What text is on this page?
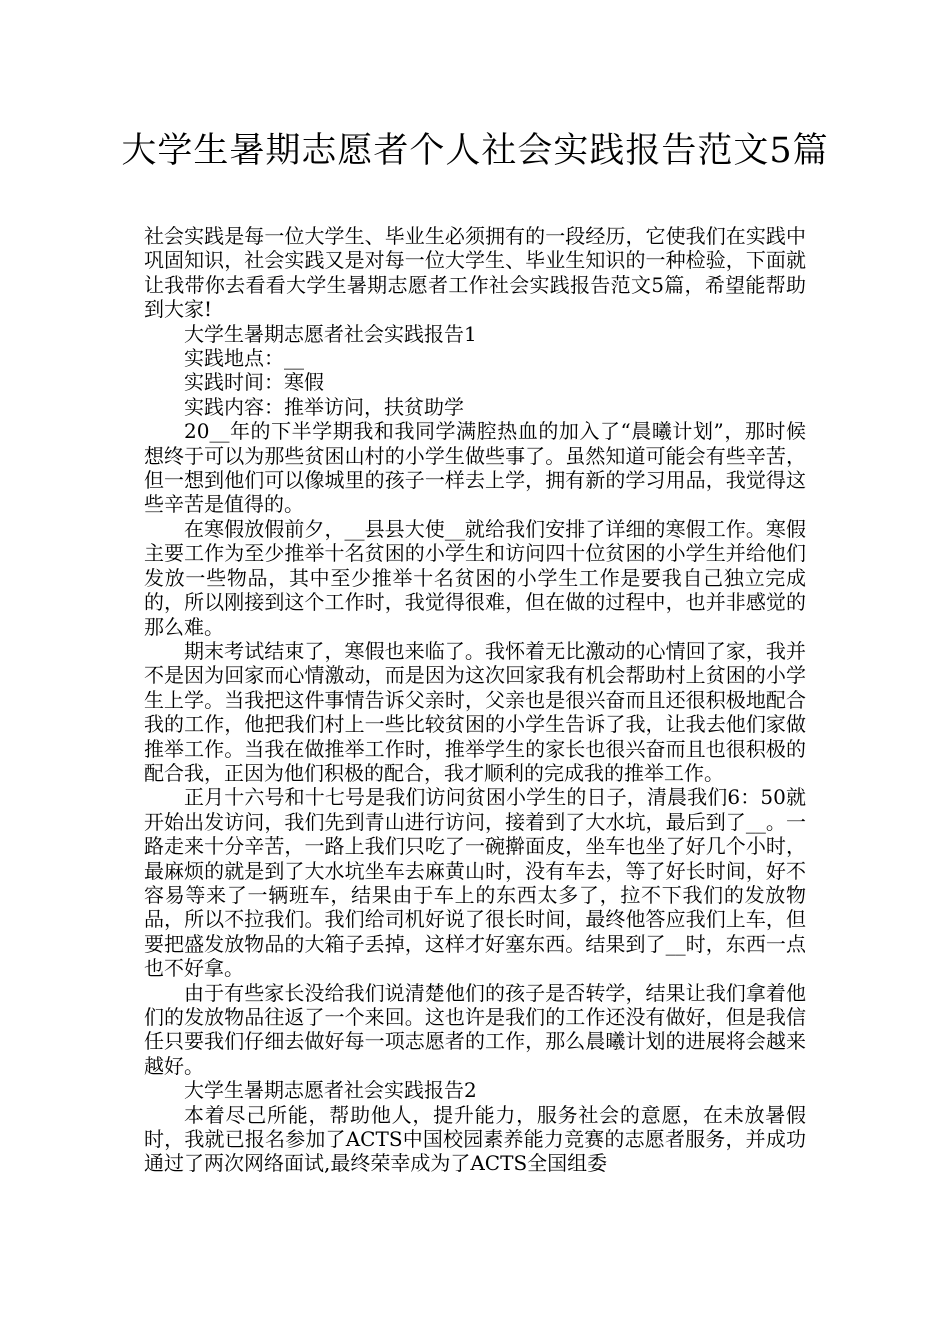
大学生暑期志愿者个人社会实践报告范文5篇

社会实践是每一位大学生、毕业生必须拥有的一段经历，它使我们在实践中巩固知识，社会实践又是对每一位大学生、毕业生知识的一种检验，下面就让我带你去看看大学生暑期志愿者工作社会实践报告范文5篇，希望能帮助到大家!

大学生暑期志愿者社会实践报告1

实践地点：__

实践时间：寒假

实践内容：推举访问，扶贫助学

20__年的下半学期我和我同学满腔热血的加入了“晨曦计划”，那时候想终于可以为那些贫困山村的小学生做些事了。虽然知道可能会有些辛苦，但一想到他们可以像城里的孩子一样去上学，拥有新的学习用品，我觉得这些辛苦是值得的。

在寒假放假前夕，__县县大使__就给我们安排了详细的寒假工作。寒假主要工作为至少推举十名贫困的小学生和访问四十位贫困的小学生并给他们发放一些物品，其中至少推举十名贫困的小学生工作是要我自己独立完成的，所以刚接到这个工作时，我觉得很难，但在做的过程中，也并非感觉的那么难。

期末考试结束了，寒假也来临了。我怀着无比激动的心情回了家，我并不是因为回家而心情激动，而是因为这次回家我有机会帮助村上贫困的小学生上学。当我把这件事情告诉父亲时，父亲也是很兴奋而且还很积极地配合我的工作，他把我们村上一些比较贫困的小学生告诉了我，让我去他们家做推举工作。当我在做推举工作时，推举学生的家长也很兴奋而且也很积极的配合我，正因为他们积极的配合，我才顺利的完成我的推举工作。

正月十六号和十七号是我们访问贫困小学生的日子，清晨我们6：50就开始出发访问，我们先到青山进行访问，接着到了大水坑，最后到了__。一路走来十分辛苦，一路上我们只吃了一碗擀面皮，坐车也坐了好几个小时，最麻烦的就是到了大水坑坐车去麻黄山时，没有车去，等了好长时间，好不容易等来了一辆班车，结果由于车上的东西太多了，拉不下我们的发放物品，所以不拉我们。我们给司机好说了很长时间，最终他答应我们上车，但要把盛发放物品的大箱子丢掉，这样才好塞东西。结果到了__时，东西一点也不好拿。

由于有些家长没给我们说清楚他们的孩子是否转学，结果让我们拿着他们的发放物品往返了一个来回。这也许是我们的工作还没有做好，但是我信任只要我们仔细去做好每一项志愿者的工作，那么晨曦计划的进展将会越来越好。

大学生暑期志愿者社会实践报告2

本着尽己所能，帮助他人，提升能力，服务社会的意愿，在未放暑假时，我就已报名参加了ACTS中国校园素养能力竞赛的志愿者服务，并成功通过了两次网络面试,最终荣幸成为了ACTS全国组委
